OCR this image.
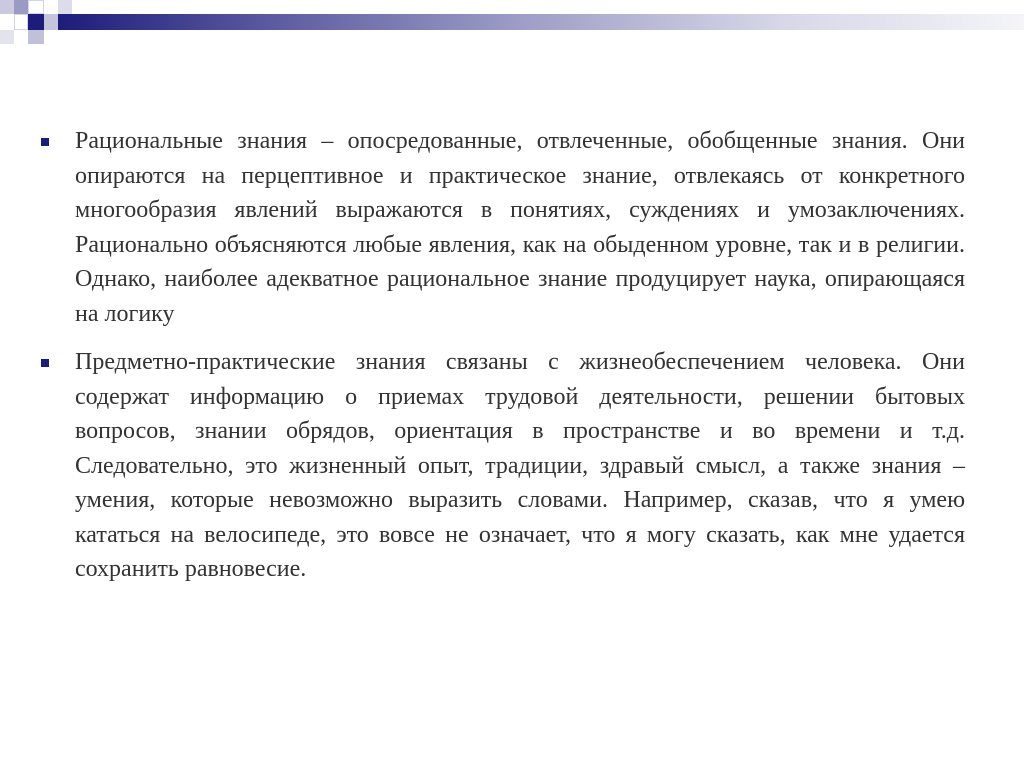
Рациональные знания – опосредованные, отвлеченные, обобщенные знания. Они опираются на перцептивное и практическое знание, отвлекаясь от конкретного многообразия явлений выражаются в понятиях, суждениях и умозаключениях. Рационально объясняются любые явления, как на обыденном уровне, так и в религии. Однако, наиболее адекватное рациональное знание продуцирует наука, опирающаяся на логику

Предметно-практические знания связаны с жизнеобеспечением человека. Они содержат информацию о приемах трудовой деятельности, решении бытовых вопросов, знании обрядов, ориентация в пространстве и во времени и т.д. Следовательно, это жизненный опыт, традиции, здравый смысл, а также знания – умения, которые невозможно выразить словами. Например, сказав, что я умею кататься на велосипеде, это вовсе не означает, что я могу сказать, как мне удается сохранить равновесие.
